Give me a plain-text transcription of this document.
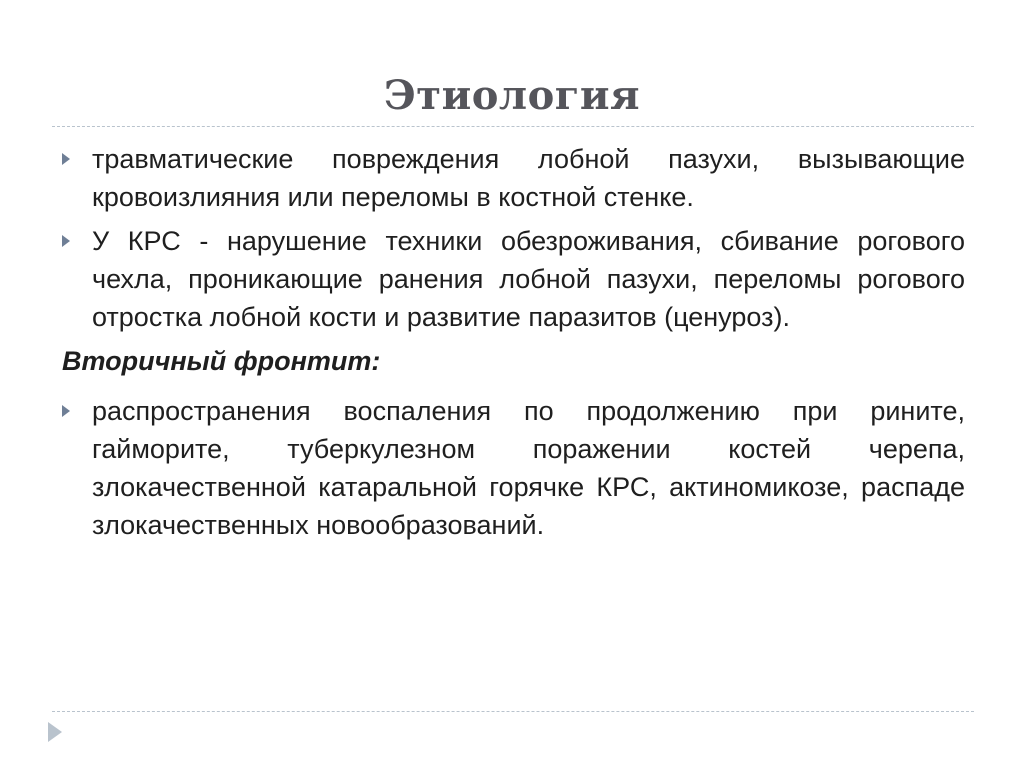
Этиология
травматические повреждения лобной пазухи, вызывающие кровоизлияния или переломы в костной стенке.
У КРС - нарушение техники обезроживания, сбивание рогового чехла, проникающие ранения лобной пазухи, переломы рогового отростка лобной кости и развитие паразитов (ценуроз).
Вторичный фронтит:
распространения воспаления по продолжению при рините, гайморите, туберкулезном поражении костей черепа, злокачественной катаральной горячке КРС, актиномикозе, распаде злокачественных новообразований.
